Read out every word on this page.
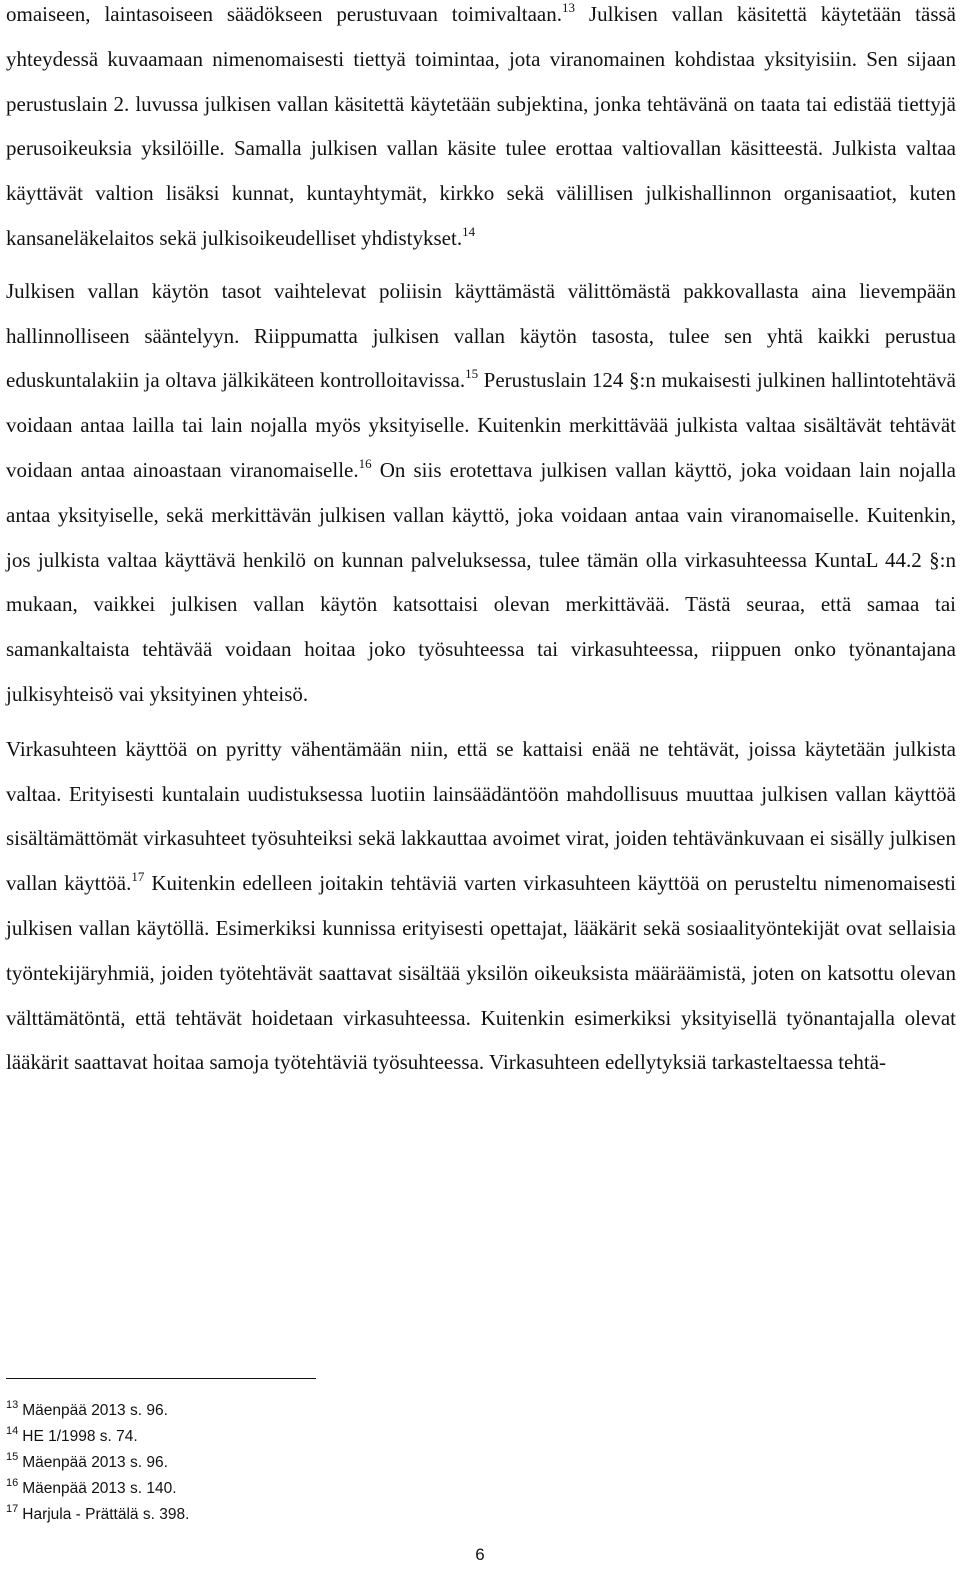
omaiseen, laintasoiseen säädökseen perustuvaan toimivaltaan.$^{13}$ Julkisen vallan käsitettä käytetään tässä yhteydessä kuvaamaan nimenomaisesti tiettyä toimintaa, jota viranomainen kohdistaa yksityisiin. Sen sijaan perustuslain 2. luvussa julkisen vallan käsitettä käytetään subjektina, jonka tehtävänä on taata tai edistää tiettyjä perusoikeuksia yksilöille. Samalla julkisen vallan käsite tulee erottaa valtiovallan käsitteestä. Julkista valtaa käyttävät valtion lisäksi kunnat, kuntayhtymät, kirkko sekä välillisen julkishallinnon organisaatiot, kuten kansaneläkelaitos sekä julkisoikeudelliset yhdistykset.$^{14}$

Julkisen vallan käytön tasot vaihtelevat poliisin käyttämästä välittömästä pakkovallasta aina lievempään hallinnolliseen sääntelyyn. Riippumatta julkisen vallan käytön tasosta, tulee sen yhtä kaikki perustua eduskuntalakiin ja oltava jälkikäteen kontrolloitavissa.$^{15}$ Perustuslain 124 §:n mukaisesti julkinen hallintotehtävä voidaan antaa lailla tai lain nojalla myös yksityiselle. Kuitenkin merkittävää julkista valtaa sisältävät tehtävät voidaan antaa ainoastaan viranomaiselle.$^{16}$ On siis erotettava julkisen vallan käyttö, joka voidaan lain nojalla antaa yksityiselle, sekä merkittävän julkisen vallan käyttö, joka voidaan antaa vain viranomaiselle. Kuitenkin, jos julkista valtaa käyttävä henkilö on kunnan palveluksessa, tulee tämän olla virkasuhteessa KuntaL 44.2 §:n mukaan, vaikkei julkisen vallan käytön katsottaisi olevan merkittävää. Tästä seuraa, että samaa tai samankaltaista tehtävää voidaan hoitaa joko työsuhteessa tai virkasuhteessa, riippuen onko työnantajana julkisyhteisö vai yksityinen yhteisö.

Virkasuhteen käyttöä on pyritty vähentämään niin, että se kattaisi enää ne tehtävät, joissa käytetään julkista valtaa. Erityisesti kuntalain uudistuksessa luotiin lainsäädäntöön mahdollisuus muuttaa julkisen vallan käyttöä sisältämättömät virkasuhteet työsuhteiksi sekä lakkauttaa avoimet virat, joiden tehtävänkuvaan ei sisälly julkisen vallan käyttöä.$^{17}$ Kuitenkin edelleen joitakin tehtäviä varten virkasuhteen käyttöä on perusteltu nimenomaisesti julkisen vallan käytöllä. Esimerkiksi kunnissa erityisesti opettajat, lääkärit sekä sosiaalityöntekijät ovat sellaisia työntekijäryhmiä, joiden työtehtävät saattavat sisältää yksilön oikeuksista määräämistä, joten on katsottu olevan välttämätöntä, että tehtävät hoidetaan virkasuhteessa. Kuitenkin esimerkiksi yksityisellä työnantajalla olevat lääkärit saattavat hoitaa samoja työtehtäviä työsuhteessa. Virkasuhteen edellytyksiä tarkasteltaessa tehtä-

$^{13}$ Mäenpää 2013 s. 96.
$^{14}$ HE 1/1998 s. 74.
$^{15}$ Mäenpää 2013 s. 96.
$^{16}$ Mäenpää 2013 s. 140.
$^{17}$ Harjula - Prättälä s. 398.
6
